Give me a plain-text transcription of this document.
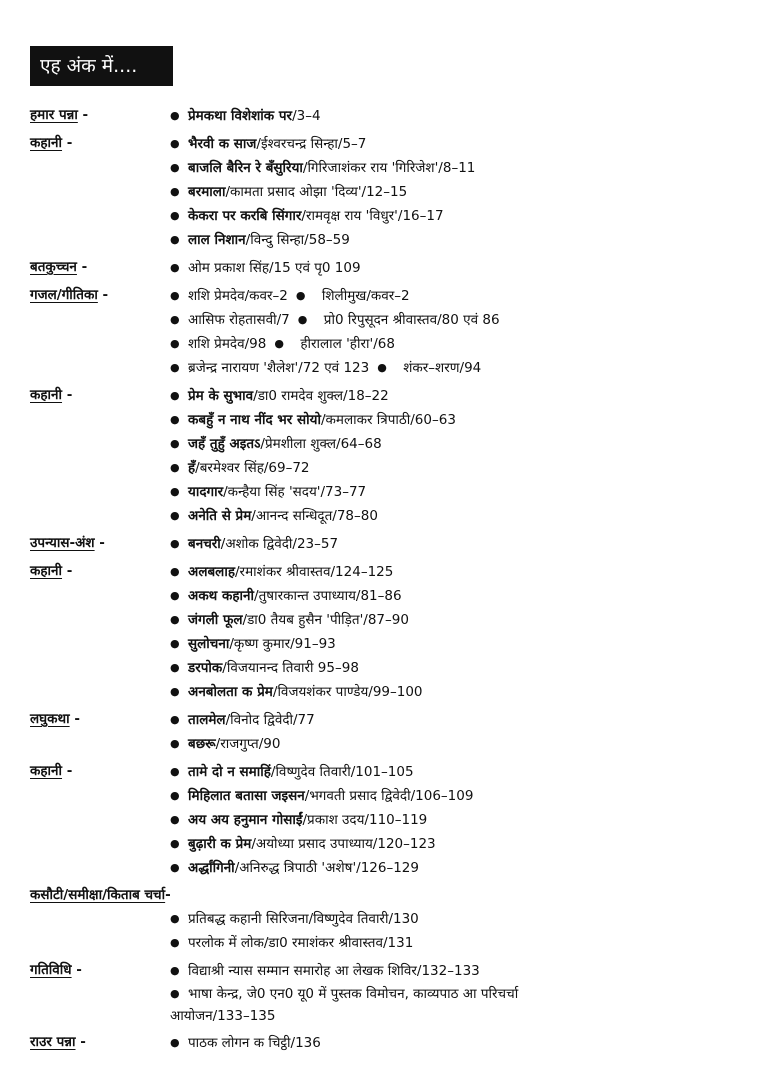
एह अंक में....
हमार पन्ना -	● प्रेमकथा विशेशांक पर/3–4
कहानी -	● भैरवी क साज/ईश्वरचन्द्र सिन्हा/5–7
● बाजलि बैरिन रे बँसुरिया/गिरिजाशंकर राय 'गिरिजेश'/8–11
● बरमाला/कामता प्रसाद ओझा 'दिव्य'/12–15
● केकरा पर करबि सिंगार/रामवृक्ष राय 'विधुर'/16–17
● लाल निशान/विन्दु सिन्हा/58–59
बतकुच्चन -	● ओम प्रकाश सिंह/15 एवं पृ0 109
गजल/गीतिका -	● शशि प्रेमदेव/कवर–2 ● शिलीमुख/कवर–2
● आसिफ रोहतासवी/7 ● प्रो0 रिपुसूदन श्रीवास्तव/80 एवं 86
● शशि प्रेमदेव/98 ● हीरालाल 'हीरा'/68
● ब्रजेन्द्र नारायण 'शैलेश'/72 एवं 123 ● शंकर–शरण/94
कहानी -	● प्रेम के सुभाव/डा0 रामदेव शुक्ल/18–22
● कबहुँ न नाथ नींद भर सोयो/कमलाकर त्रिपाठी/60–63
● जहँ तुहुँ अइतऽ/प्रेमशीला शुक्ल/64–68
● हँ/बरमेश्वर सिंह/69–72
● यादगार/कन्हैया सिंह 'सदय'/73–77
● अनेति से प्रेम/आनन्द सन्धिदूत/78–80
उपन्यास-अंश -	● बनचरी/अशोक द्विवेदी/23–57
कहानी -	● अलबलाह/रमाशंकर श्रीवास्तव/124–125
● अकथ कहानी/तुषारकान्त उपाध्याय/81–86
● जंगली फूल/डा0 तैयब हुसैन 'पीड़ित'/87–90
● सुलोचना/कृष्ण कुमार/91–93
● डरपोक/विजयानन्द तिवारी 95–98
● अनबोलता क प्रेम/विजयशंकर पाण्डेय/99–100
लघुकथा -	● तालमेल/विनोद द्विवेदी/77
● बछरू/राजगुप्त/90
कहानी -	● तामे दो न समाहिं/विष्णुदेव तिवारी/101–105
● मिहिलात बतासा जइसन/भगवती प्रसाद द्विवेदी/106–109
● अय अय हनुमान गोसाईं/प्रकाश उदय/110–119
● बुढ़ारी क प्रेम/अयोध्या प्रसाद उपाध्याय/120–123
● अर्द्धांगिनी/अनिरुद्ध त्रिपाठी 'अशेष'/126–129
कसौटी/समीक्षा/किताब चर्चा-
● प्रतिबद्ध कहानी सिरिजना/विष्णुदेव तिवारी/130
● परलोक में लोक/डा0 रमाशंकर श्रीवास्तव/131
गतिविधि -	● विद्याश्री न्यास सम्मान समारोह आ लेखक शिविर/132–133
● भाषा केन्द्र, जे0 एन0 यू0 में पुस्तक विमोचन, काव्यपाठ आ परिचर्चा आयोजन/133–135
राउर पन्ना -	● पाठक लोगन क चिट्ठी/136
